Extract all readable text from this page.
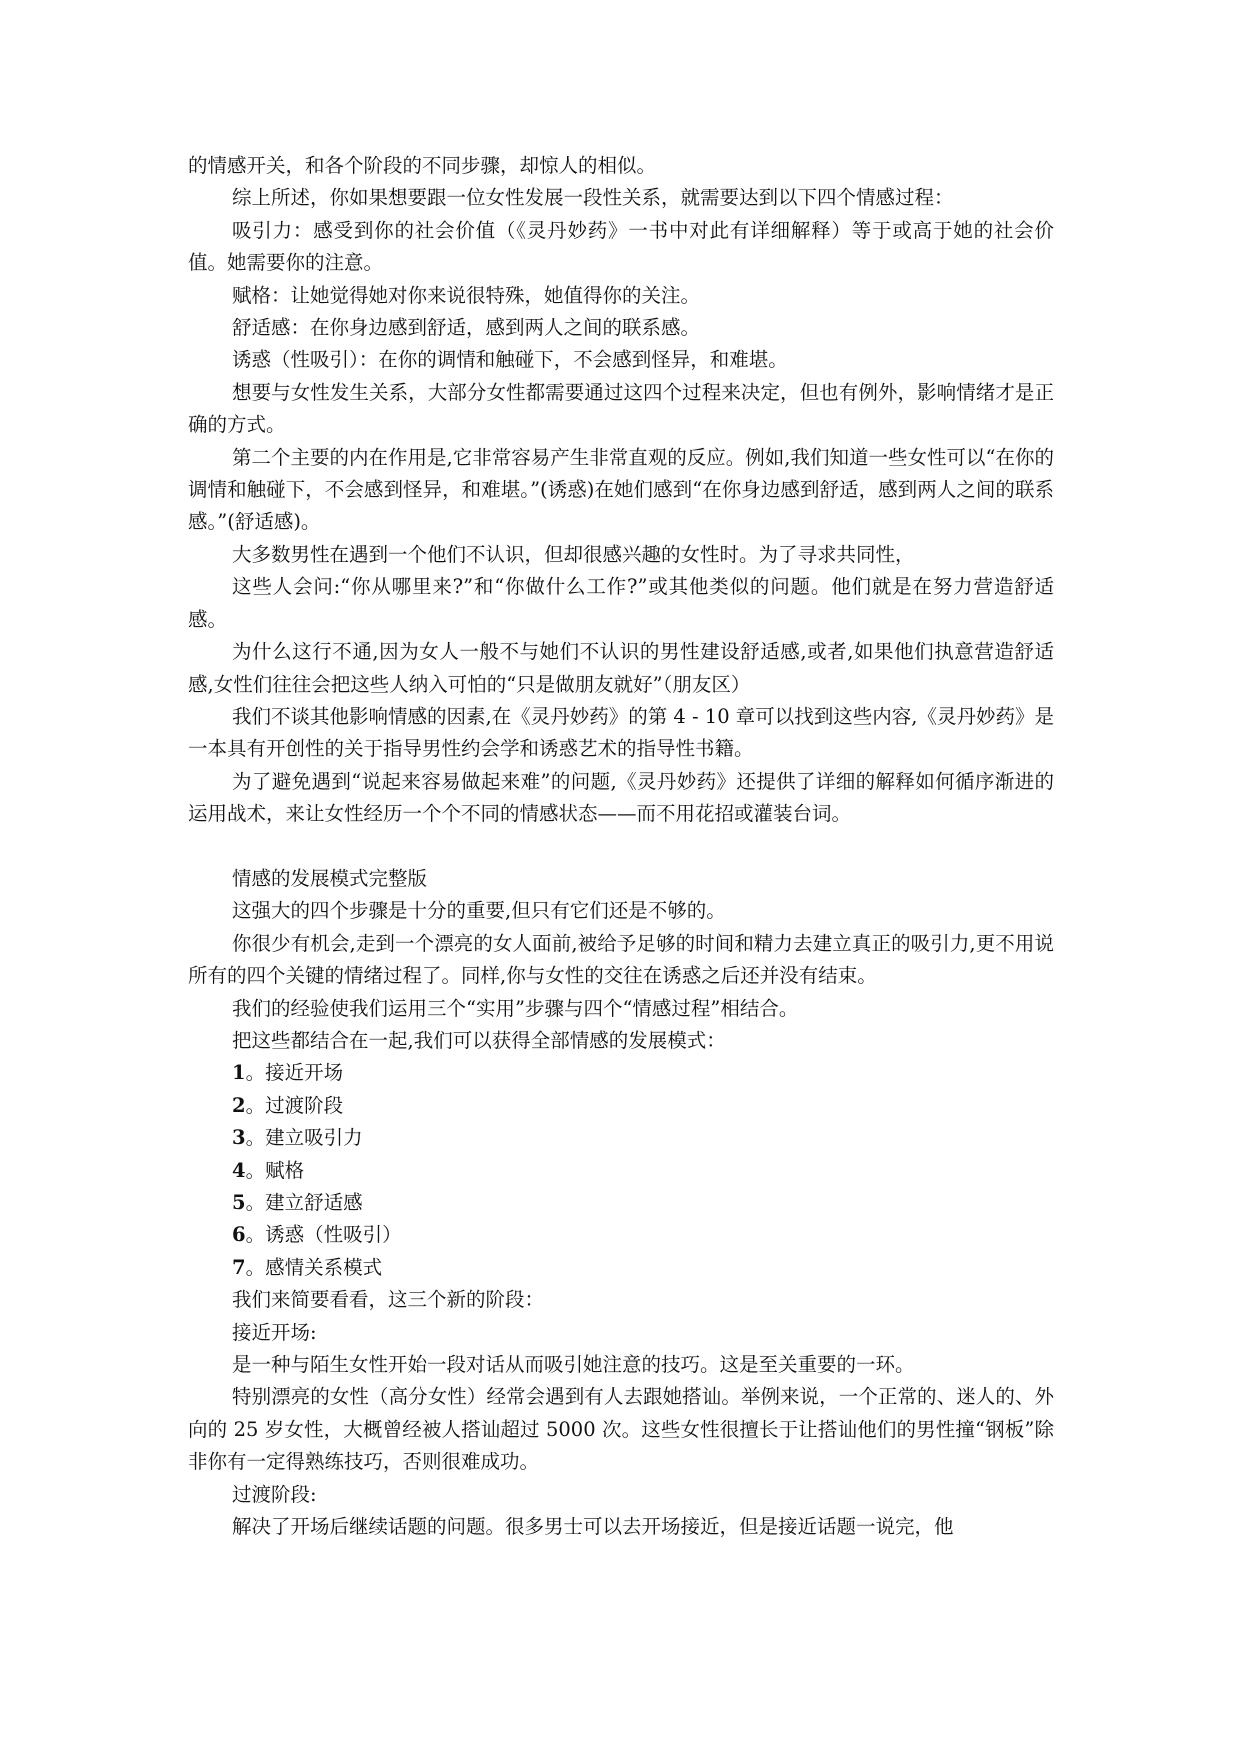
的情感开关，和各个阶段的不同步骤，却惊人的相似。
综上所述，你如果想要跟一位女性发展一段性关系，就需要达到以下四个情感过程：
吸引力：感受到你的社会价值（《灵丹妙药》一书中对此有详细解释）等于或高于她的社会价值。她需要你的注意。
赋格：让她觉得她对你来说很特殊，她值得你的关注。
舒适感：在你身边感到舒适，感到两人之间的联系感。
诱惑（性吸引）：在你的调情和触碰下，不会感到怪异，和难堪。
想要与女性发生关系，大部分女性都需要通过这四个过程来决定，但也有例外，影响情绪才是正确的方式。
第二个主要的内在作用是,它非常容易产生非常直观的反应。例如,我们知道一些女性可以“在你的调情和触碰下，不会感到怪异，和难堪。”(诱惑)在她们感到“在你身边感到舒适，感到两人之间的联系感。”(舒适感)。
大多数男性在遇到一个他们不认识，但却很感兴趣的女性时。为了寻求共同性，
这些人会问:“你从哪里来?”和“你做什么工作?”或其他类似的问题。他们就是在努力营造舒适感。
为什么这行不通,因为女人一般不与她们不认识的男性建设舒适感,或者,如果他们执意营造舒适感,女性们往往会把这些人纳入可怕的“只是做朋友就好”（朋友区）
我们不谈其他影响情感的因素,在《灵丹妙药》的第 4 - 10 章可以找到这些内容,《灵丹妙药》是一本具有开创性的关于指导男性约会学和诱惑艺术的指导性书籍。
为了避免遇到“说起来容易做起来难”的问题,《灵丹妙药》还提供了详细的解释如何循序渐进的运用战术，来让女性经历一个个不同的情感状态——而不用花招或灌装台词。
情感的发展模式完整版
这强大的四个步骤是十分的重要,但只有它们还是不够的。
你很少有机会,走到一个漂亮的女人面前,被给予足够的时间和精力去建立真正的吸引力,更不用说所有的四个关键的情绪过程了。同样,你与女性的交往在诱惑之后还并没有结束。
我们的经验使我们运用三个“实用”步骤与四个“情感过程”相结合。
把这些都结合在一起,我们可以获得全部情感的发展模式：
1。接近开场
2。过渡阶段
3。建立吸引力
4。赋格
5。建立舒适感
6。诱惑（性吸引）
7。感情关系模式
我们来简要看看，这三个新的阶段：
接近开场:
是一种与陌生女性开始一段对话从而吸引她注意的技巧。这是至关重要的一环。
特别漂亮的女性（高分女性）经常会遇到有人去跟她搭讪。举例来说，一个正常的、迷人的、外向的 25 岁女性，大概曾经被人搭讪超过 5000 次。这些女性很擅长于让搭讪他们的男性撞“钢板”除非你有一定得熟练技巧，否则很难成功。
过渡阶段:
解决了开场后继续话题的问题。很多男士可以去开场接近，但是接近话题一说完，他
